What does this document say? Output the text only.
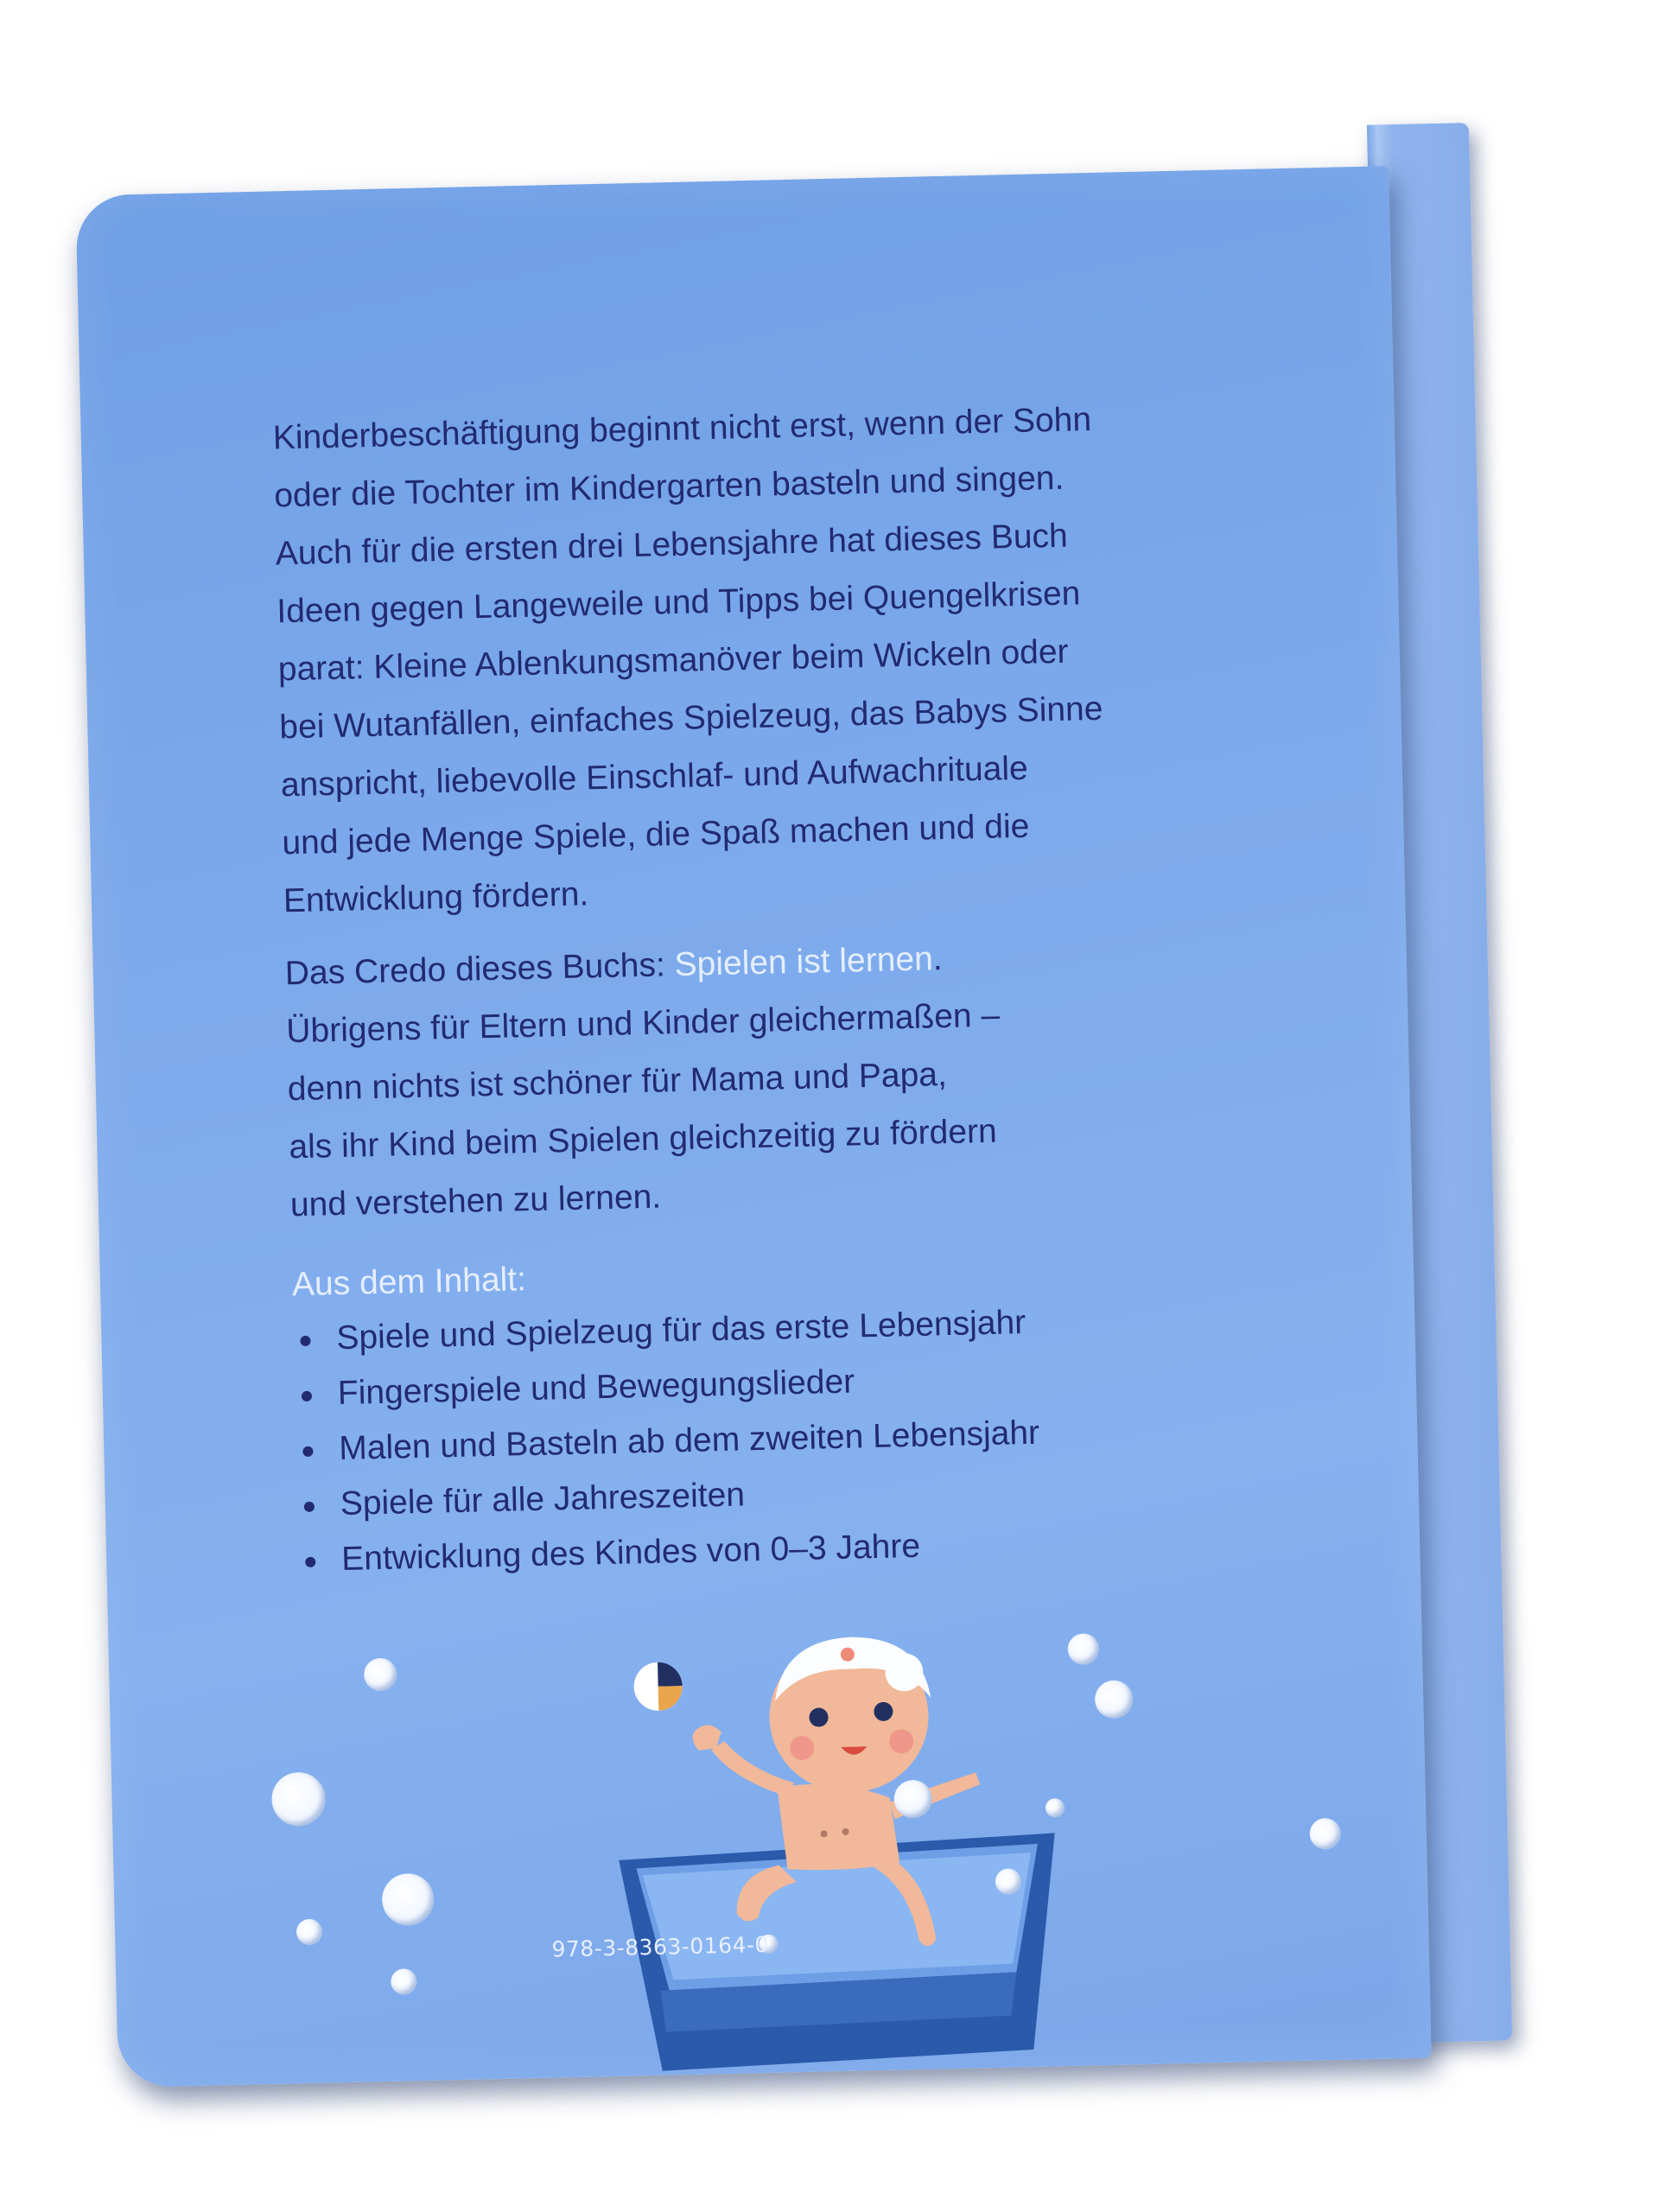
Kinderbeschäftigung beginnt nicht erst, wenn der Sohn
oder die Tochter im Kindergarten basteln und singen.
Auch für die ersten drei Lebensjahre hat dieses Buch
Ideen gegen Langeweile und Tipps bei Quengelkrisen
parat: Kleine Ablenkungsmanöver beim Wickeln oder
bei Wutanfällen, einfaches Spielzeug, das Babys Sinne
anspricht, liebevolle Einschlaf- und Aufwachrituale
und jede Menge Spiele, die Spaß machen und die
Entwicklung fördern.

Das Credo dieses Buchs: Spielen ist lernen.
Übrigens für Eltern und Kinder gleichermaßen –
denn nichts ist schöner für Mama und Papa,
als ihr Kind beim Spielen gleichzeitig zu fördern
und verstehen zu lernen.

Aus dem Inhalt:
Spiele und Spielzeug für das erste Lebensjahr
Fingerspiele und Bewegungslieder
Malen und Basteln ab dem zweiten Lebensjahr
Spiele für alle Jahreszeiten
Entwicklung des Kindes von 0–3 Jahre
978-3-8363-0164-0
